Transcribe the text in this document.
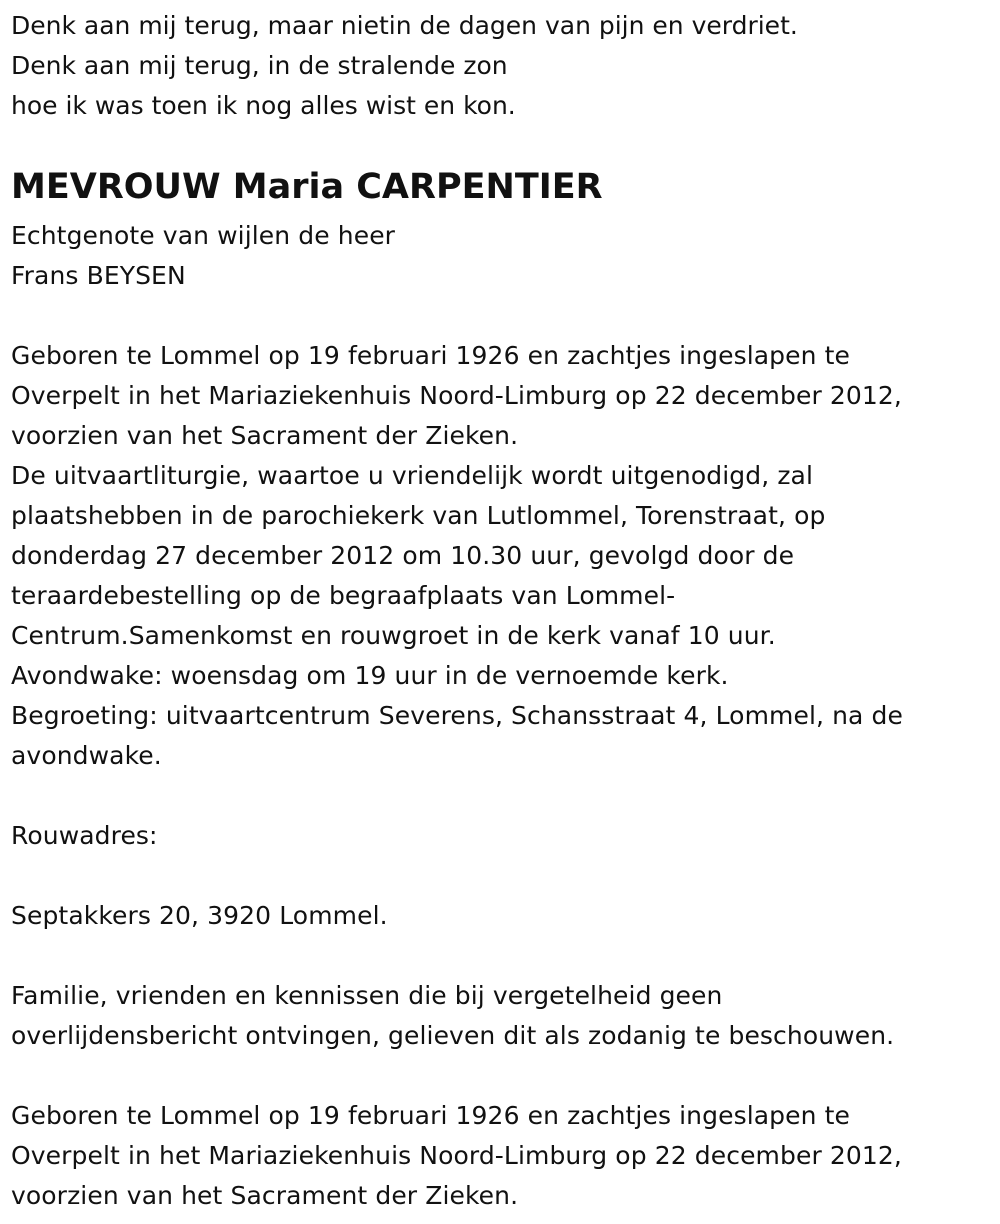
Denk aan mij terug, maar nietin de dagen van pijn en verdriet.
Denk aan mij terug, in de stralende zon
hoe ik was toen ik nog alles wist en kon.
MEVROUW Maria CARPENTIER
Echtgenote van wijlen de heer
Frans BEYSEN
Geboren te Lommel op 19 februari 1926 en zachtjes ingeslapen te
Overpelt in het Mariaziekenhuis Noord-Limburg op 22 december 2012,
voorzien van het Sacrament der Zieken.
De uitvaartliturgie, waartoe u vriendelijk wordt uitgenodigd, zal
plaatshebben in de parochiekerk van Lutlommel, Torenstraat, op
donderdag 27 december 2012 om 10.30 uur, gevolgd door de
teraardebestelling op de begraafplaats van Lommel-
Centrum.Samenkomst en rouwgroet in de kerk vanaf 10 uur.
Avondwake: woensdag om 19 uur in de vernoemde kerk.
Begroeting: uitvaartcentrum Severens, Schansstraat 4, Lommel, na de
avondwake.
Rouwadres:
Septakkers 20, 3920 Lommel.
Familie, vrienden en kennissen die bij vergetelheid geen
overlijdensbericht ontvingen, gelieven dit als zodanig te beschouwen.
Geboren te Lommel op 19 februari 1926 en zachtjes ingeslapen te
Overpelt in het Mariaziekenhuis Noord-Limburg op 22 december 2012,
voorzien van het Sacrament der Zieken.
